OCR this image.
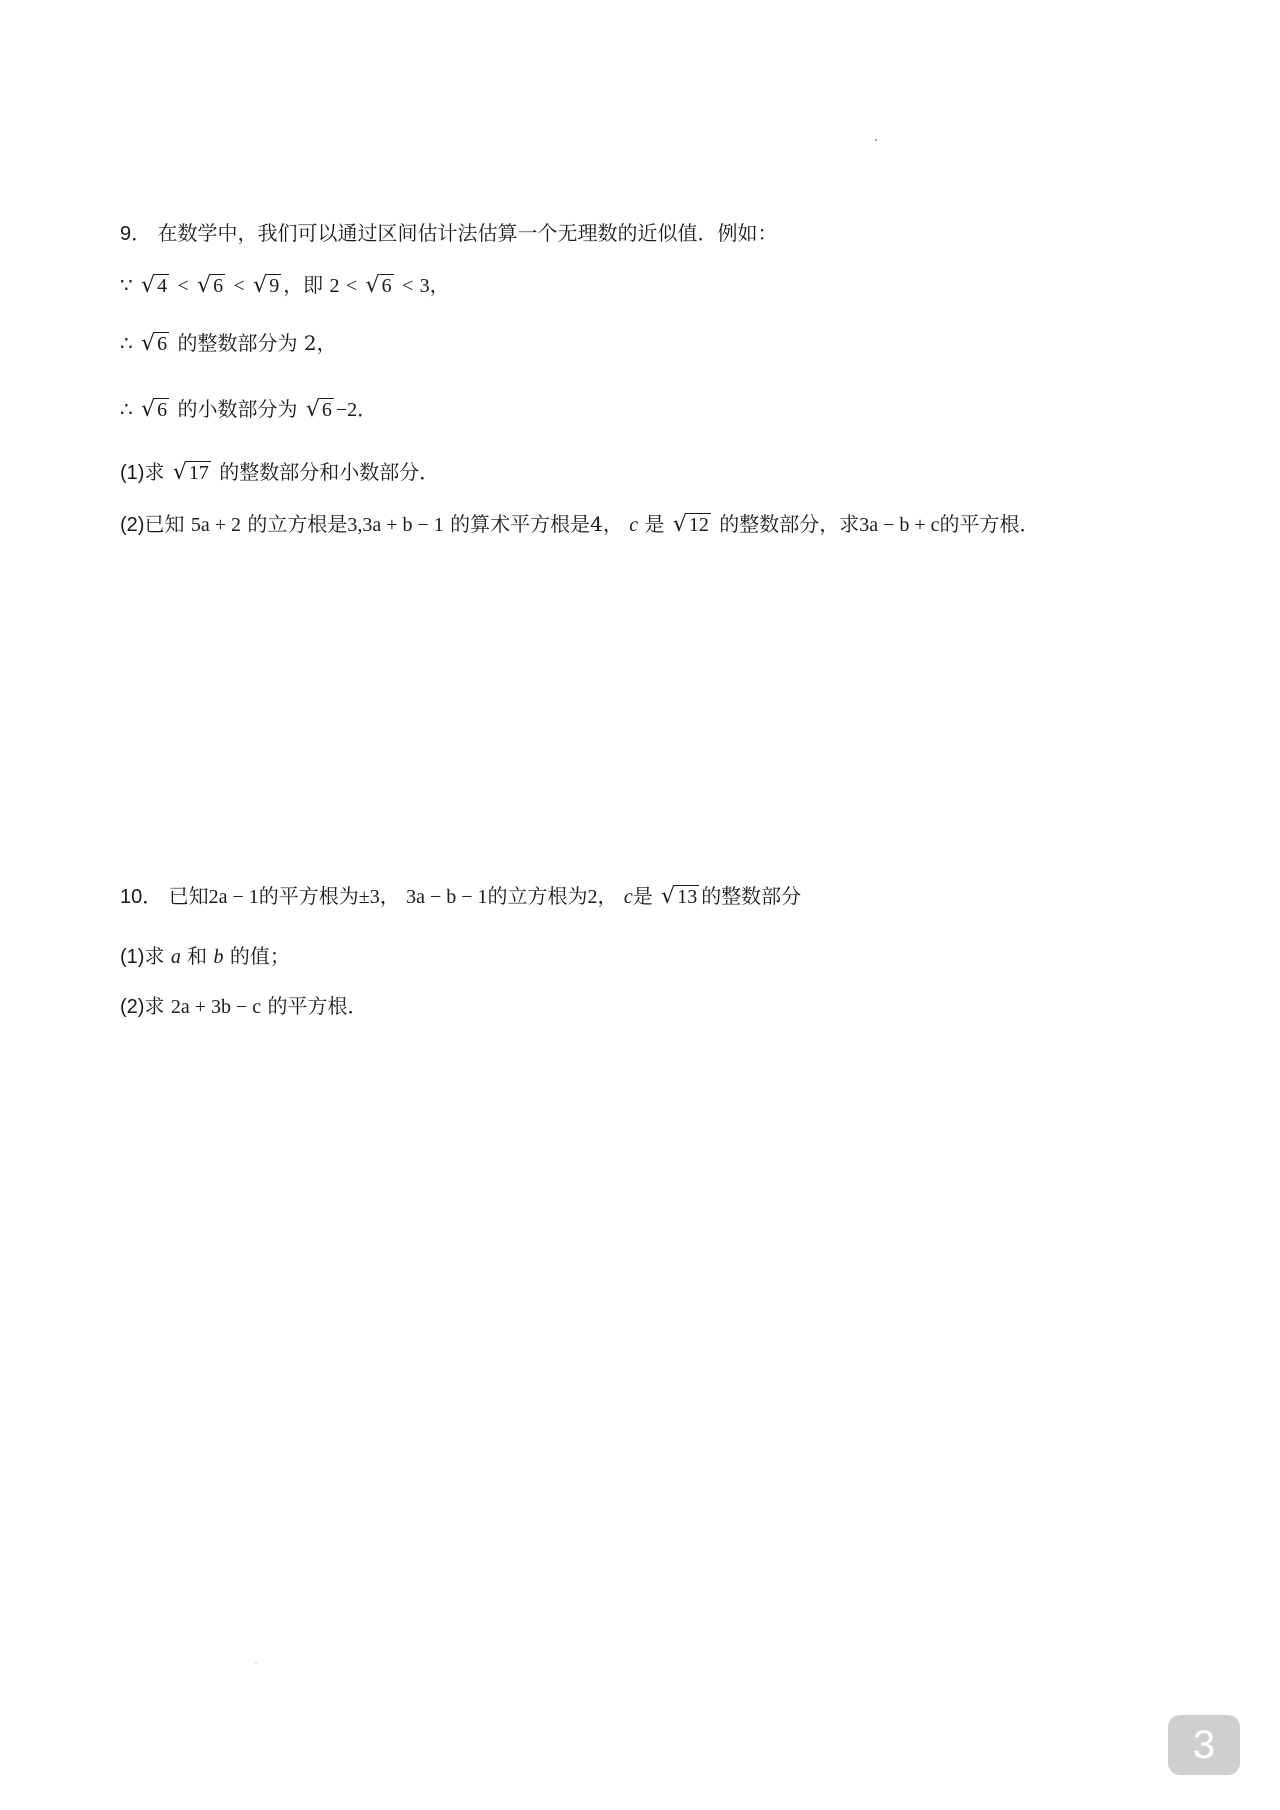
9． 在数学中，我们可以通过区间估计法估算一个无理数的近似值．例如：
∵ √ 4 < √ 6 < √ 9 ，即 2 < √ 6 < 3，
∴ √ 6 的整数部分为 2，
∴ √ 6 的小数部分为 √ 6 −2．
(1)求 √ 17 的整数部分和小数部分．
(2)已知 5a + 2 的立方根是3,3a + b − 1 的算术平方根是4， c 是 √ 12 的整数部分，求3a − b + c的平方根．
10． 已知2a − 1的平方根为±3， 3a − b − 1的立方根为2， c是 √ 13 的整数部分
(1)求 a 和 b 的值；
(2)求 2a + 3b − c 的平方根．
3
